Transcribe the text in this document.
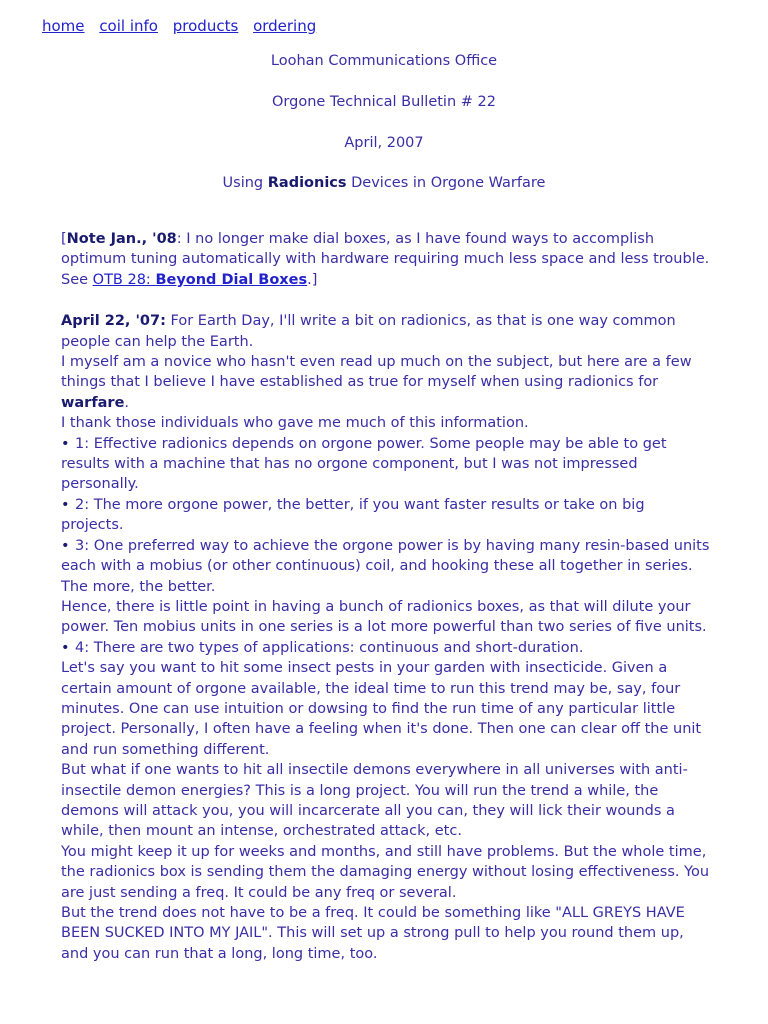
home coil info products ordering
Loohan Communications Office
Orgone Technical Bulletin # 22
April, 2007
Using Radionics Devices in Orgone Warfare

[Note Jan., '08: I no longer make dial boxes, as I have found ways to accomplish optimum tuning automatically with hardware requiring much less space and less trouble. See OTB 28: Beyond Dial Boxes.]

April 22, '07: For Earth Day, I'll write a bit on radionics, as that is one way common people can help the Earth.

I myself am a novice who hasn't even read up much on the subject, but here are a few things that I believe I have established as true for myself when using radionics for warfare.

I thank those individuals who gave me much of this information.

• 1: Effective radionics depends on orgone power. Some people may be able to get results with a machine that has no orgone component, but I was not impressed personally.

• 2: The more orgone power, the better, if you want faster results or take on big projects.

• 3: One preferred way to achieve the orgone power is by having many resin-based units each with a mobius (or other continuous) coil, and hooking these all together in series. The more, the better.

Hence, there is little point in having a bunch of radionics boxes, as that will dilute your power. Ten mobius units in one series is a lot more powerful than two series of five units.

• 4: There are two types of applications: continuous and short-duration.

Let's say you want to hit some insect pests in your garden with insecticide. Given a certain amount of orgone available, the ideal time to run this trend may be, say, four minutes. One can use intuition or dowsing to find the run time of any particular little project. Personally, I often have a feeling when it's done. Then one can clear off the unit and run something different.

But what if one wants to hit all insectile demons everywhere in all universes with anti-insectile demon energies? This is a long project. You will run the trend a while, the demons will attack you, you will incarcerate all you can, they will lick their wounds a while, then mount an intense, orchestrated attack, etc.

You might keep it up for weeks and months, and still have problems. But the whole time, the radionics box is sending them the damaging energy without losing effectiveness. You are just sending a freq. It could be any freq or several.

But the trend does not have to be a freq. It could be something like "ALL GREYS HAVE BEEN SUCKED INTO MY JAIL". This will set up a strong pull to help you round them up, and you can run that a long, long time, too.
